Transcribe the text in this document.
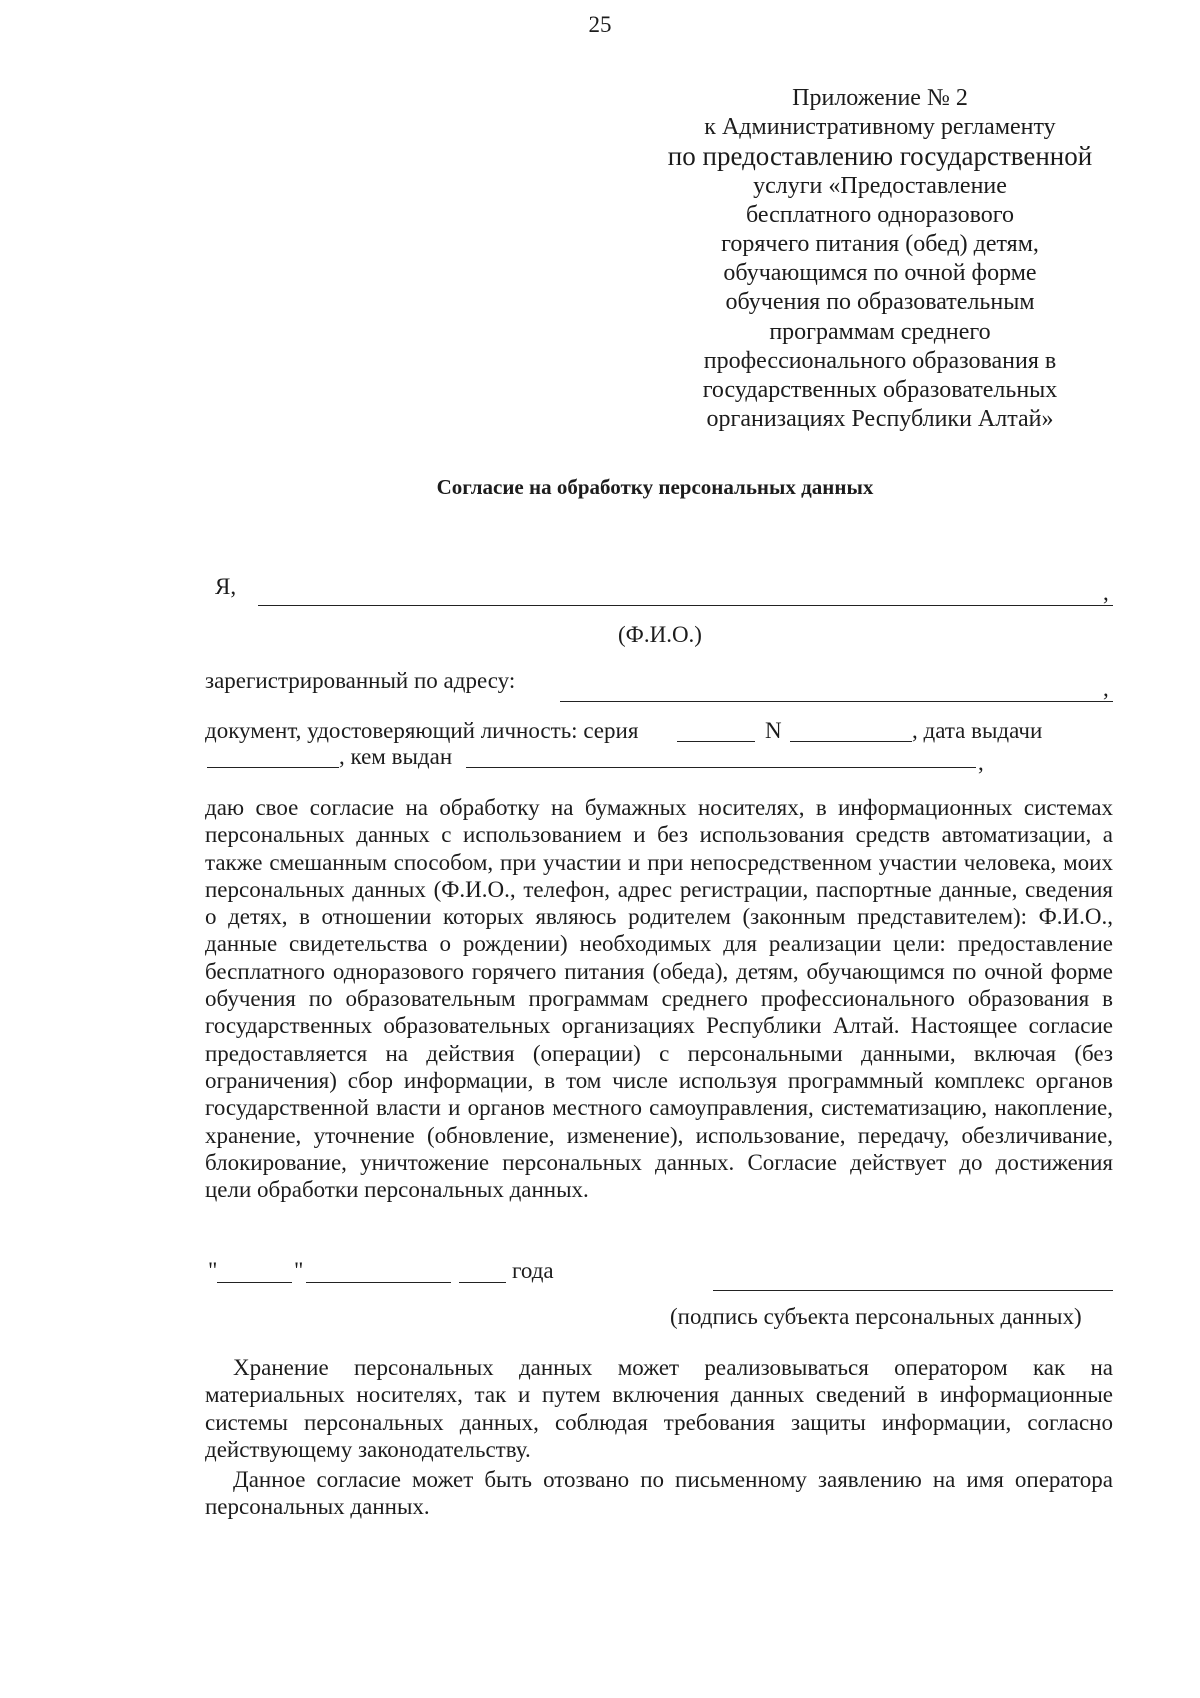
25
Приложение № 2
к Административному регламенту
по предоставлению государственной
услуги «Предоставление
бесплатного одноразового
горячего питания (обед) детям,
обучающимся по очной форме
обучения по образовательным
программам среднего
профессионального образования в
государственных образовательных
организациях Республики Алтай»
Согласие на обработку персональных данных
Я,	,
(Ф.И.О.)
зарегистрированный по адресу:	,
документ, удостоверяющий личность: серия	N	, дата выдачи
, кем выдан	,
даю свое согласие на обработку на бумажных носителях, в информационных системах персональных данных с использованием и без использования средств автоматизации, а также смешанным способом, при участии и при непосредственном участии человека, моих персональных данных (Ф.И.О., телефон, адрес регистрации, паспортные данные, сведения о детях, в отношении которых являюсь родителем (законным представителем): Ф.И.О., данные свидетельства о рождении) необходимых для реализации цели: предоставление бесплатного одноразового горячего питания (обеда), детям, обучающимся по очной форме обучения по образовательным программам среднего профессионального образования в государственных образовательных организациях Республики Алтай. Настоящее согласие предоставляется на действия (операции) с персональными данными, включая (без ограничения) сбор информации, в том числе используя программный комплекс органов государственной власти и органов местного самоуправления, систематизацию, накопление, хранение, уточнение (обновление, изменение), использование, передачу, обезличивание, блокирование, уничтожение персональных данных. Согласие действует до достижения цели обработки персональных данных.
"	"	года
(подпись субъекта персональных данных)
Хранение персональных данных может реализовываться оператором как на материальных носителях, так и путем включения данных сведений в информационные системы персональных данных, соблюдая требования защиты информации, согласно действующему законодательству.
Данное согласие может быть отозвано по письменному заявлению на имя оператора персональных данных.
